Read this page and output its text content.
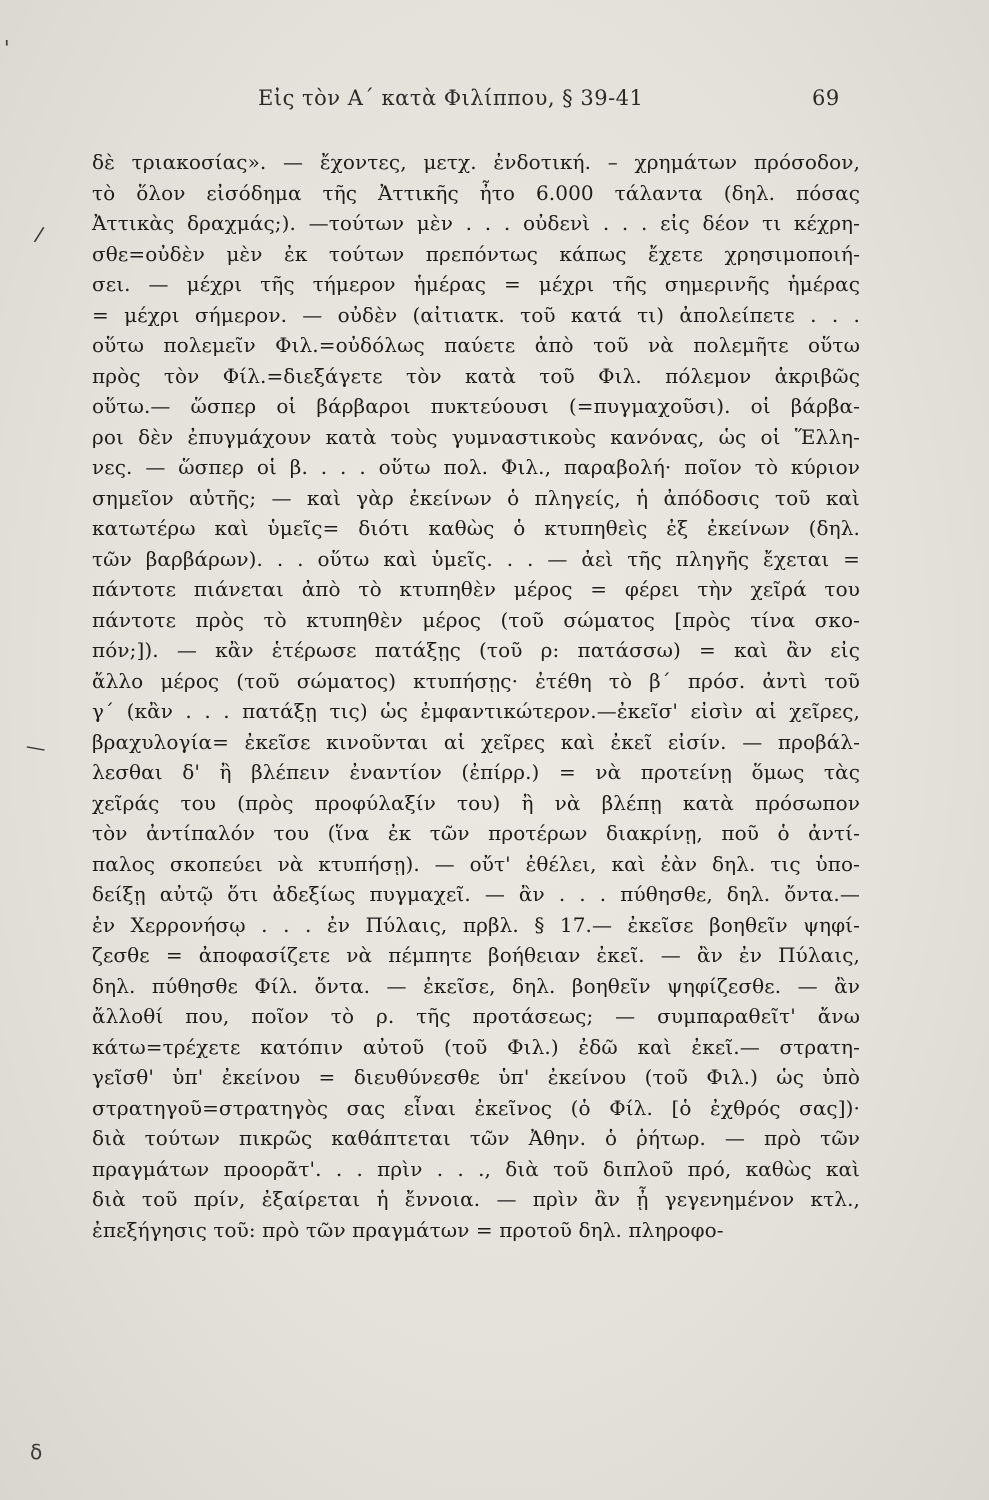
Εἰς τὸν Α΄ κατὰ Φιλίππου, § 39-41	69
'
/
—
δ
δὲ τριακοσίας». — ἔχοντες, μετχ. ἐνδοτική. – χρημάτων πρόσοδον,
τὸ ὅλον εἰσόδημα τῆς Ἀττικῆς ἦτο 6.000 τάλαντα (δηλ. πόσας
Ἀττικὰς δραχμάς;). —τούτων μὲν . . . οὐδενὶ . . . εἰς δέον τι κέχρη-
σθε=οὐδὲν μὲν ἐκ τούτων πρεπόντως κάπως ἔχετε χρησιμοποιή-
σει. — μέχρι τῆς τήμερον ἡμέρας = μέχρι τῆς σημερινῆς ἡμέρας
= μέχρι σήμερον. — οὐδὲν (αἰτιατκ. τοῦ κατά τι) ἀπολείπετε . . .
οὕτω πολεμεῖν Φιλ.=οὐδόλως παύετε ἀπὸ τοῦ νὰ πολεμῆτε οὕτω
πρὸς τὸν Φίλ.=διεξάγετε τὸν κατὰ τοῦ Φιλ. πόλεμον ἀκριβῶς
οὕτω.— ὥσπερ οἱ βάρβαροι πυκτεύουσι (=πυγμαχοῦσι). οἱ βάρβα-
ροι δὲν ἐπυγμάχουν κατὰ τοὺς γυμναστικοὺς κανόνας, ὡς οἱ Ἕλλη-
νες. — ὥσπερ οἱ β. . . . οὕτω πολ. Φιλ., παραβολή· ποῖον τὸ κύριον
σημεῖον αὐτῆς; — καὶ γὰρ ἐκείνων ὁ πληγείς, ἡ ἀπόδοσις τοῦ καὶ
κατωτέρω καὶ ὑμεῖς= διότι καθὼς ὁ κτυπηθεὶς ἐξ ἐκείνων (δηλ.
τῶν βαρβάρων). . . οὕτω καὶ ὑμεῖς. . . — ἀεὶ τῆς πληγῆς ἔχεται =
πάντοτε πιάνεται ἀπὸ τὸ κτυπηθὲν μέρος = φέρει τὴν χεῖρά του
πάντοτε πρὸς τὸ κτυπηθὲν μέρος (τοῦ σώματος [πρὸς τίνα σκο-
πόν;]). — κἂν ἑτέρωσε πατάξῃς (τοῦ ρ: πατάσσω) = καὶ ἂν εἰς
ἄλλο μέρος (τοῦ σώματος) κτυπήσῃς· ἐτέθη τὸ β΄ πρόσ. ἀντὶ τοῦ
γ΄ (κἂν . . . πατάξῃ τις) ὡς ἐμφαντικώτερον.—ἐκεῖσ' εἰσὶν αἱ χεῖρες,
βραχυλογία= ἐκεῖσε κινοῦνται αἱ χεῖρες καὶ ἐκεῖ εἰσίν. — προβάλ-
λεσθαι δ' ἢ βλέπειν ἐναντίον (ἐπίρρ.) = νὰ προτείνῃ ὅμως τὰς
χεῖράς του (πρὸς προφύλαξίν του) ἢ νὰ βλέπῃ κατὰ πρόσωπον
τὸν ἀντίπαλόν του (ἵνα ἐκ τῶν προτέρων διακρίνῃ, ποῦ ὁ ἀντί-
παλος σκοπεύει νὰ κτυπήσῃ). — οὔτ' ἐθέλει, καὶ ἐὰν δηλ. τις ὑπο-
δείξῃ αὐτῷ ὅτι ἀδεξίως πυγμαχεῖ. — ἂν . . . πύθησθε, δηλ. ὄντα.—
ἐν Χερρονήσῳ . . . ἐν Πύλαις, πρβλ. § 17.— ἐκεῖσε βοηθεῖν ψηφί-
ζεσθε = ἀποφασίζετε νὰ πέμπητε βοήθειαν ἐκεῖ. — ἂν ἐν Πύλαις,
δηλ. πύθησθε Φίλ. ὄντα. — ἐκεῖσε, δηλ. βοηθεῖν ψηφίζεσθε. — ἂν
ἄλλοθί που, ποῖον τὸ ρ. τῆς προτάσεως; — συμπαραθεῖτ' ἄνω
κάτω=τρέχετε κατόπιν αὐτοῦ (τοῦ Φιλ.) ἐδῶ καὶ ἐκεῖ.— στρατη-
γεῖσθ' ὑπ' ἐκείνου = διευθύνεσθε ὑπ' ἐκείνου (τοῦ Φιλ.) ὡς ὑπὸ
στρατηγοῦ=στρατηγὸς σας εἶναι ἐκεῖνος (ὁ Φίλ. [ὁ ἐχθρός σας])·
διὰ τούτων πικρῶς καθάπτεται τῶν Ἀθην. ὁ ῥήτωρ. — πρὸ τῶν
πραγμάτων προορᾶτ'. . . πρὶν . . ., διὰ τοῦ διπλοῦ πρό, καθὼς καὶ
διὰ τοῦ πρίν, ἐξαίρεται ἡ ἔννοια. — πρὶν ἂν ᾖ γεγενημένον κτλ.,
ἐπεξήγησις τοῦ: πρὸ τῶν πραγμάτων = προτοῦ δηλ. πληροφο-
